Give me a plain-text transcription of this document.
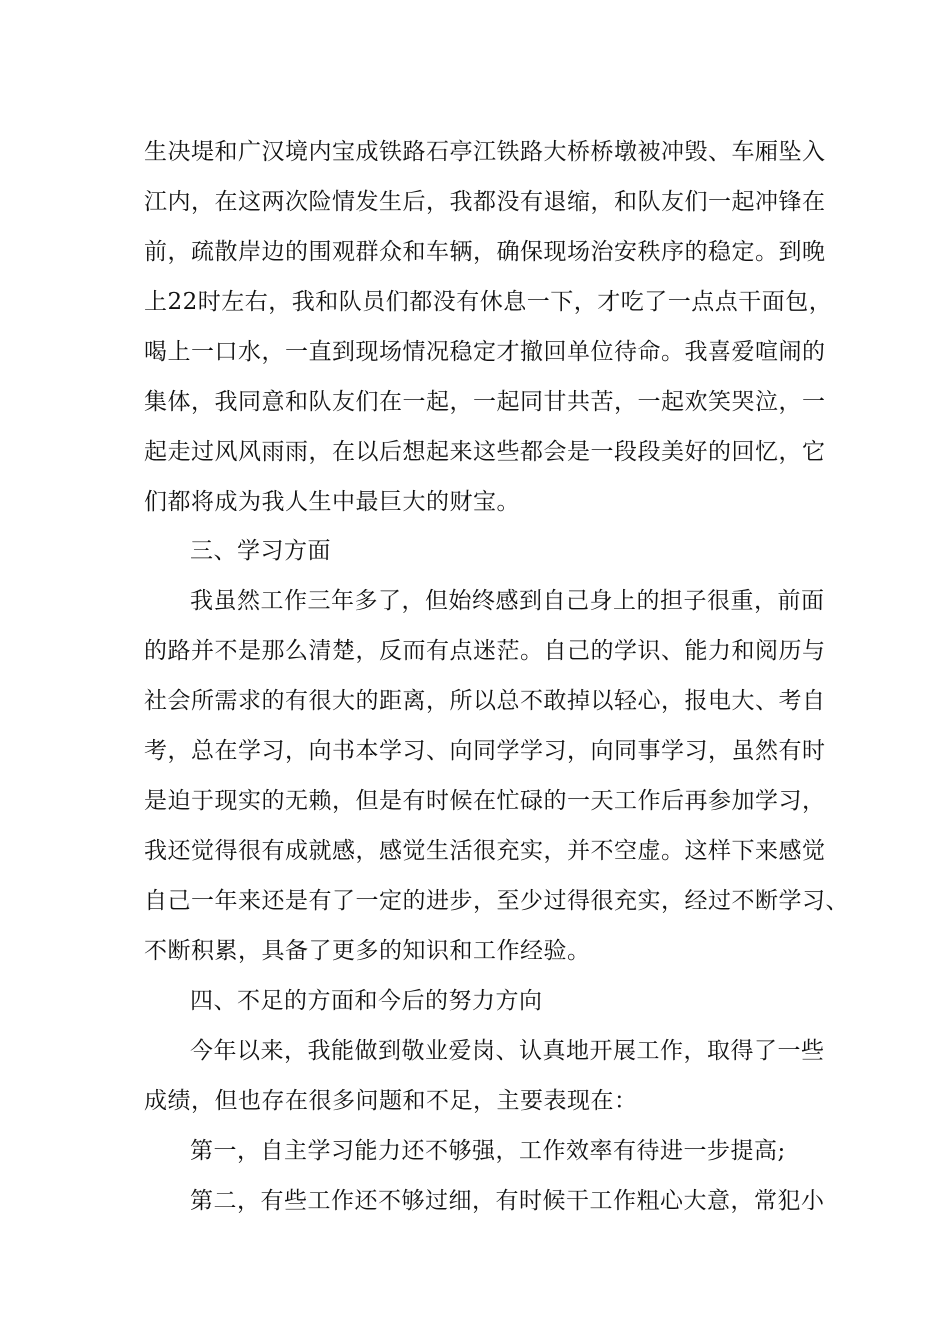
生决堤和广汉境内宝成铁路石亭江铁路大桥桥墩被冲毁、车厢坠入
江内，在这两次险情发生后，我都没有退缩，和队友们一起冲锋在
前，疏散岸边的围观群众和车辆，确保现场治安秩序的稳定。到晚
上22时左右，我和队员们都没有休息一下，才吃了一点点干面包，
喝上一口水，一直到现场情况稳定才撤回单位待命。我喜爱喧闹的
集体，我同意和队友们在一起，一起同甘共苦，一起欢笑哭泣，一
起走过风风雨雨，在以后想起来这些都会是一段段美好的回忆，它
们都将成为我人生中最巨大的财宝。
三、学习方面
我虽然工作三年多了，但始终感到自己身上的担子很重，前面
的路并不是那么清楚，反而有点迷茫。自己的学识、能力和阅历与
社会所需求的有很大的距离，所以总不敢掉以轻心，报电大、考自
考，总在学习，向书本学习、向同学学习，向同事学习，虽然有时
是迫于现实的无赖，但是有时候在忙碌的一天工作后再参加学习，
我还觉得很有成就感，感觉生活很充实，并不空虚。这样下来感觉
自己一年来还是有了一定的进步，至少过得很充实，经过不断学习、
不断积累，具备了更多的知识和工作经验。
四、不足的方面和今后的努力方向
今年以来，我能做到敬业爱岗、认真地开展工作，取得了一些
成绩，但也存在很多问题和不足，主要表现在：
第一，自主学习能力还不够强，工作效率有待进一步提高;
第二，有些工作还不够过细，有时候干工作粗心大意，常犯小
